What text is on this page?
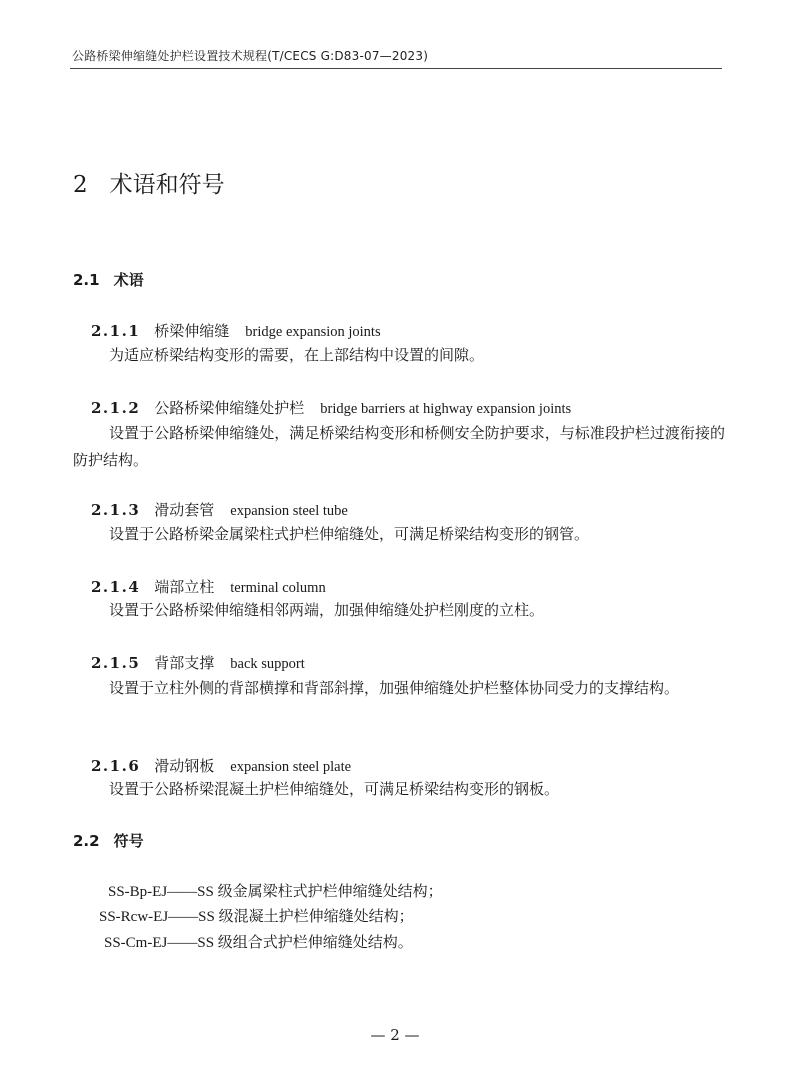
公路桥梁伸缩缝处护栏设置技术规程(T/CECS G:D83-07—2023)
2 术语和符号
2.1 术语
2.1.1 桥梁伸缩缝 bridge expansion joints
为适应桥梁结构变形的需要，在上部结构中设置的间隙。
2.1.2 公路桥梁伸缩缝处护栏 bridge barriers at highway expansion joints
设置于公路桥梁伸缩缝处，满足桥梁结构变形和桥侧安全防护要求，与标准段护栏过渡衔接的防护结构。
2.1.3 滑动套管 expansion steel tube
设置于公路桥梁金属梁柱式护栏伸缩缝处，可满足桥梁结构变形的钢管。
2.1.4 端部立柱 terminal column
设置于公路桥梁伸缩缝相邻两端，加强伸缩缝处护栏刚度的立柱。
2.1.5 背部支撑 back support
设置于立柱外侧的背部横撑和背部斜撑，加强伸缩缝处护栏整体协同受力的支撑结构。
2.1.6 滑动钢板 expansion steel plate
设置于公路桥梁混凝土护栏伸缩缝处，可满足桥梁结构变形的钢板。
2.2 符号
SS-Bp-EJ——SS 级金属梁柱式护栏伸缩缝处结构；
SS-Rcw-EJ——SS 级混凝土护栏伸缩缝处结构；
SS-Cm-EJ——SS 级组合式护栏伸缩缝处结构。
— 2 —
